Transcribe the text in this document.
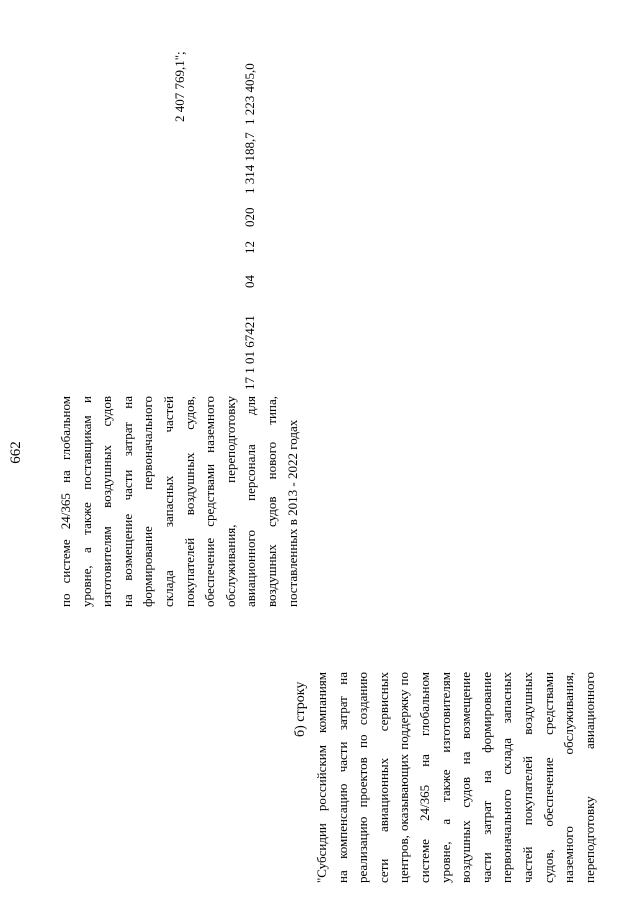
662	по системе 24/365 на глобальном уровне, а также поставщикам и изготовителям воздушных судов на возмещение части затрат на формирование первоначального склада запасных частей покупателей воздушных судов, обеспечение средствами наземного обслуживания, переподготовку авиационного персонала для воздушных судов нового типа, поставленных в 2013 - 2022 годах
17 1 01 67421
04
12
020
1 314 188,7
1 223 405,0
2 407 769,1";
б) строку "Субсидии российским компаниям на компенсацию части затрат на реализацию проектов по созданию сети авиационных сервисных центров, оказывающих поддержку по системе 24/365 на глобальном уровне, а также изготовителям воздушных судов на возмещение части затрат на формирование первоначального склада запасных частей покупателей воздушных судов, обеспечение средствами наземного обслуживания, переподготовку авиационного
